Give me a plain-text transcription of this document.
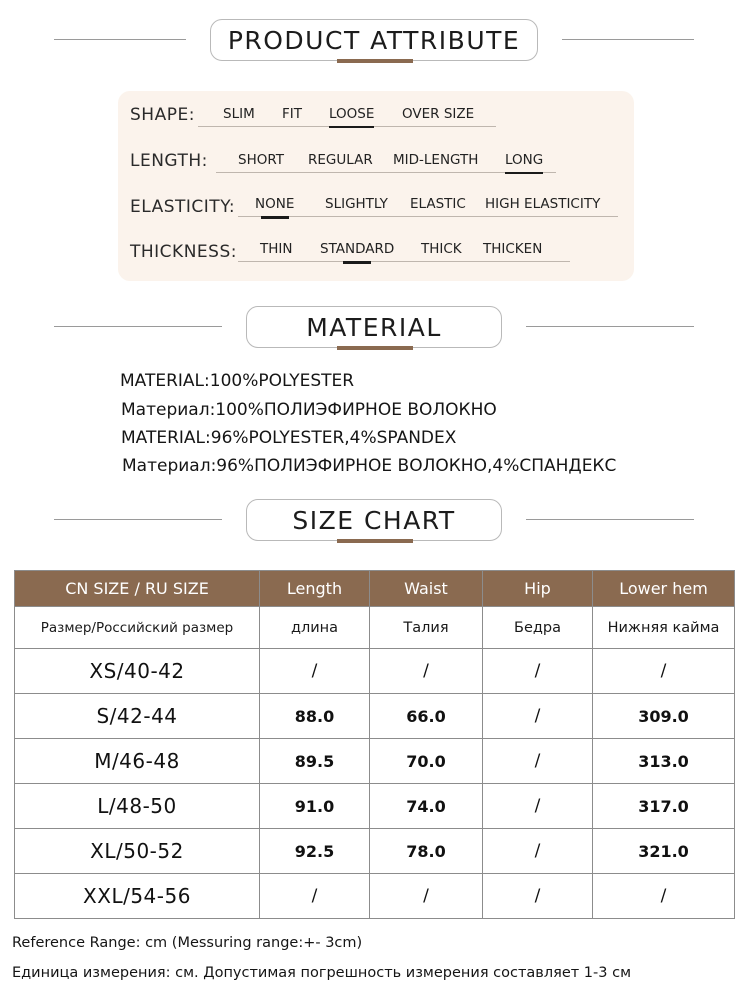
PRODUCT ATTRIBUTE
SHAPE: SLIM FIT LOOSE OVER SIZE
LENGTH: SHORT REGULAR MID-LENGTH LONG
ELASTICITY: NONE SLIGHTLY ELASTIC HIGH ELASTICITY
THICKNESS: THIN STANDARD THICK THICKEN
MATERIAL
MATERIAL:100%POLYESTER
Материал:100%ПОЛИЭФИРНОЕ ВОЛОКНО
MATERIAL:96%POLYESTER,4%SPANDEX
Материал:96%ПОЛИЭФИРНОЕ ВОЛОКНО,4%СПАНДЕКС
SIZE CHART
CN SIZE / RU SIZE	Length	Waist	Hip	Lower hem
Размер/Российский размер	длина	Талия	Бедра	Нижняя кайма
XS/40-42	/	/	/	/
S/42-44	88.0	66.0	/	309.0
M/46-48	89.5	70.0	/	313.0
L/48-50	91.0	74.0	/	317.0
XL/50-52	92.5	78.0	/	321.0
XXL/54-56	/	/	/	/
Reference Range: cm (Messuring range:+- 3cm)
Единица измерения: см. Допустимая погрешность измерения составляет 1-3 см
